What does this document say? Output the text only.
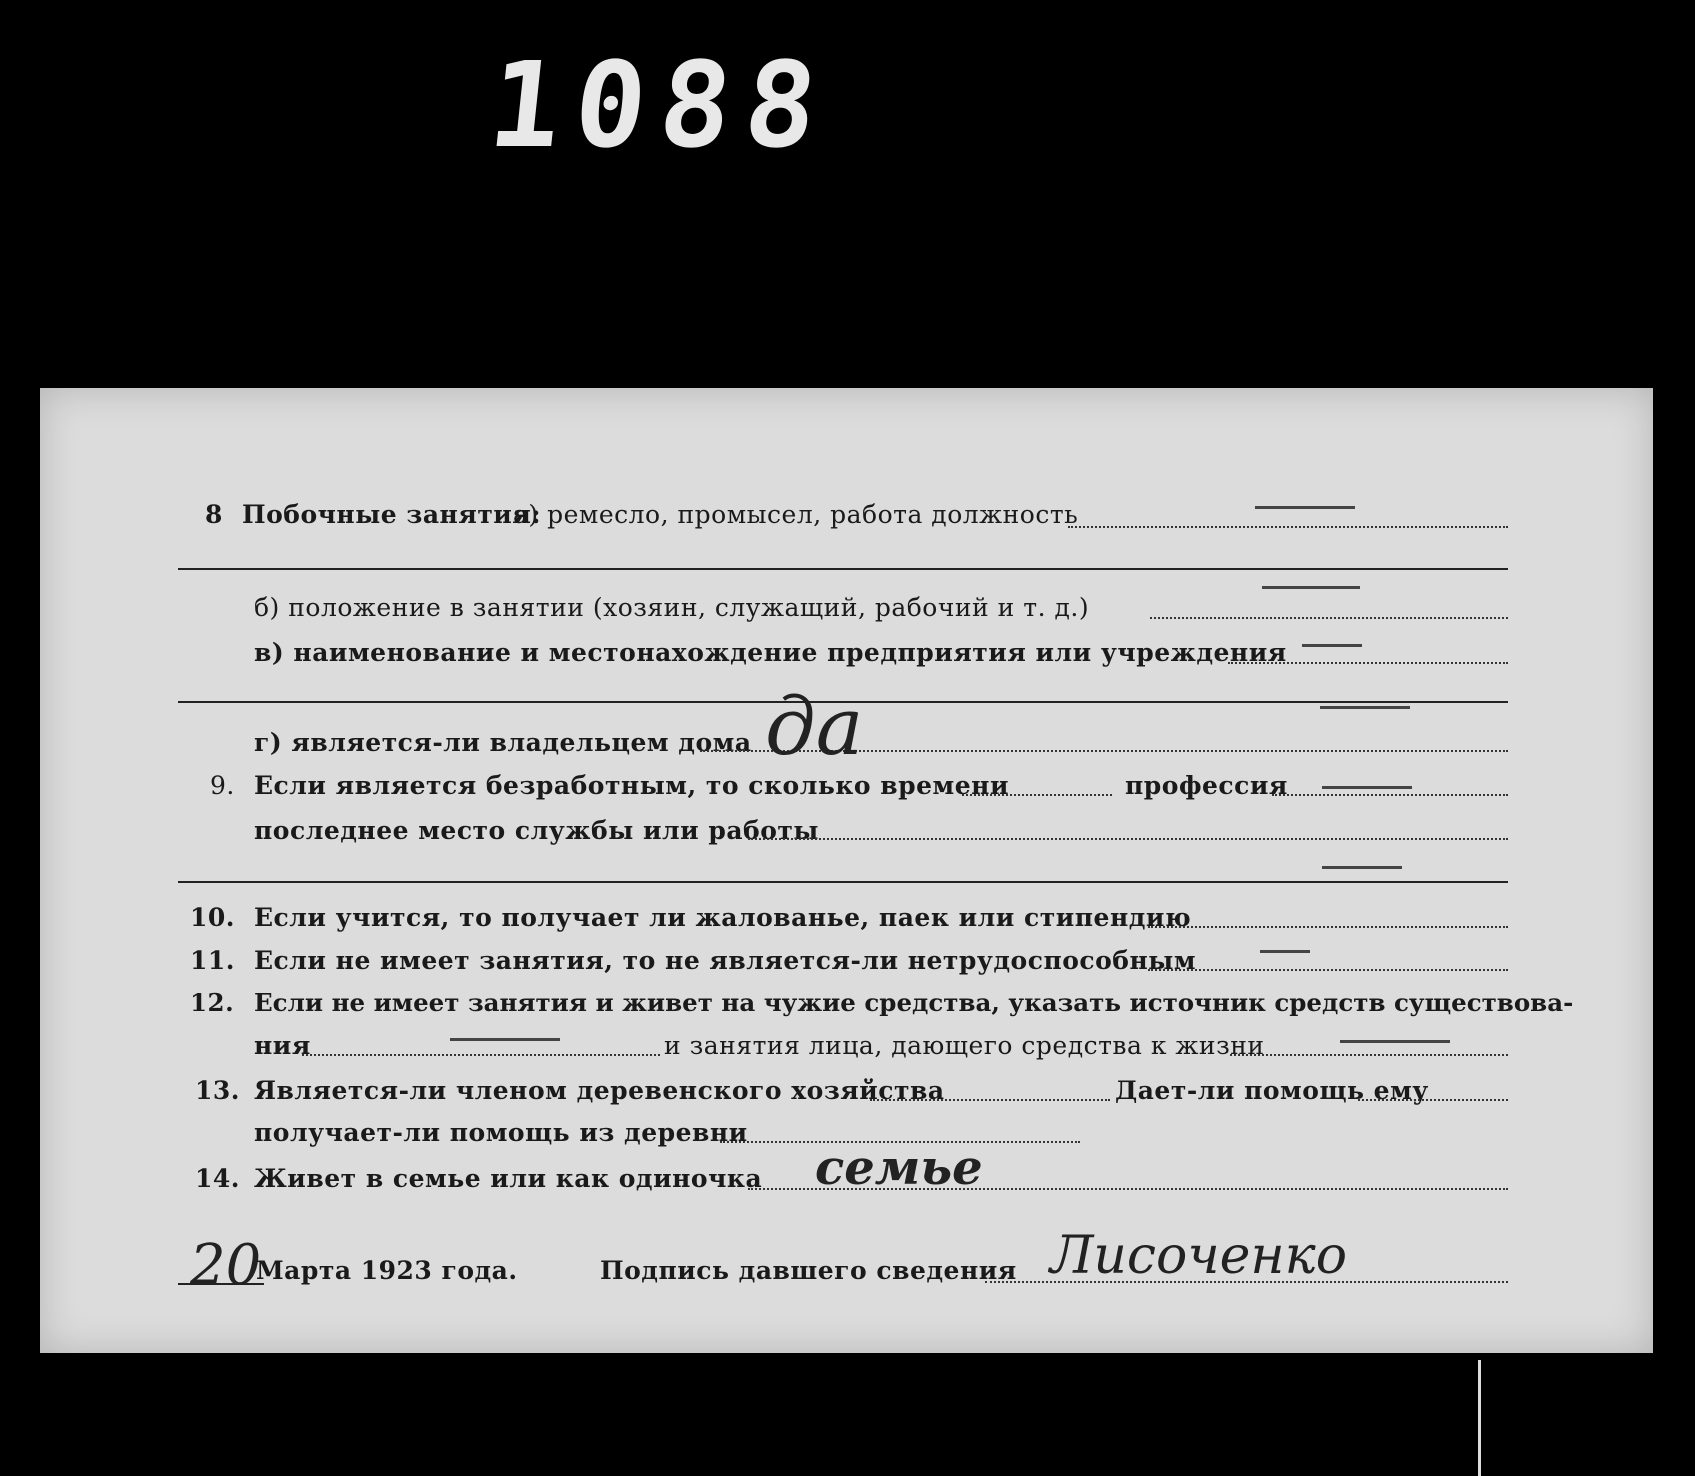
1088
8 Побочные занятия:
а) ремесло, промысел, работа должность
б) положение в занятии (хозяин, служащий, рабочий и т. д.)
в) наименование и местонахождение предприятия или учреждения
г) является-ли владельцем дома да
9. Если является безработным, то сколько времени	профессия
последнее место службы или работы
10. Если учится, то получает ли жалованье, паек или стипендию
11. Если не имеет занятия, то не является-ли нетрудоспособным
12. Если не имеет занятия и живет на чужие средства, указать источник средств существова-
ния	и занятия лица, дающего средства к жизни
13. Является-ли членом деревенского хозяйства	Дает-ли помощь ему
получает-ли помощь из деревни
14. Живет в семье или как одиночка семье
20
Марта 1923 года.	Подпись давшего сведения Лисоченко
